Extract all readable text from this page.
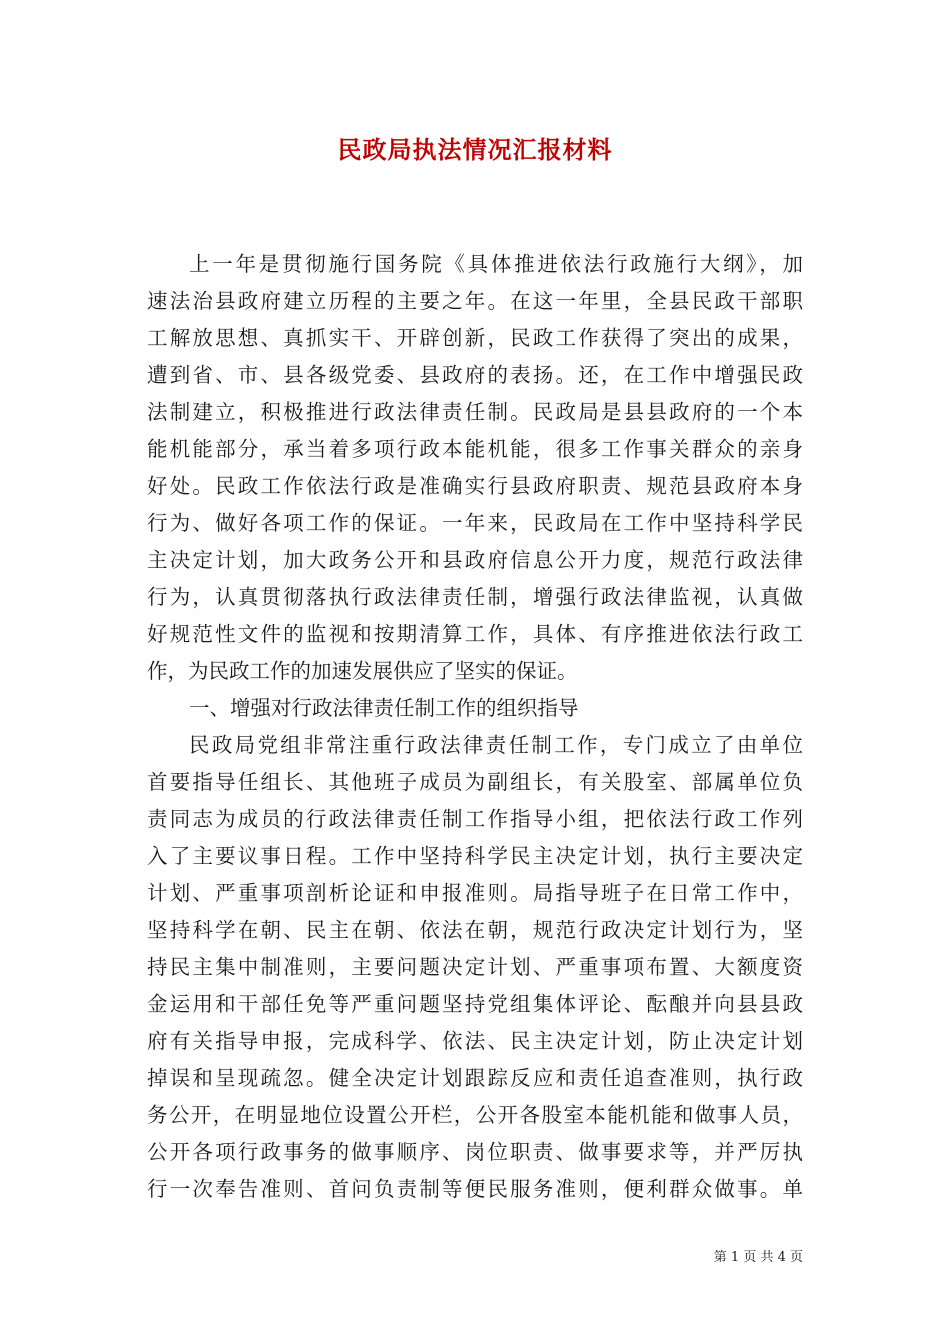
民政局执法情况汇报材料
上一年是贯彻施行国务院《具体推进依法行政施行大纲》，加
速法治县政府建立历程的主要之年。在这一年里，全县民政干部职
工解放思想、真抓实干、开辟创新，民政工作获得了突出的成果，
遭到省、市、县各级党委、县政府的表扬。还，在工作中增强民政
法制建立，积极推进行政法律责任制。民政局是县县政府的一个本
能机能部分，承当着多项行政本能机能，很多工作事关群众的亲身
好处。民政工作依法行政是准确实行县政府职责、规范县政府本身
行为、做好各项工作的保证。一年来，民政局在工作中坚持科学民
主决定计划，加大政务公开和县政府信息公开力度，规范行政法律
行为，认真贯彻落执行政法律责任制，增强行政法律监视，认真做
好规范性文件的监视和按期清算工作，具体、有序推进依法行政工
作，为民政工作的加速发展供应了坚实的保证。
一、增强对行政法律责任制工作的组织指导
民政局党组非常注重行政法律责任制工作，专门成立了由单位
首要指导任组长、其他班子成员为副组长，有关股室、部属单位负
责同志为成员的行政法律责任制工作指导小组，把依法行政工作列
入了主要议事日程。工作中坚持科学民主决定计划，执行主要决定
计划、严重事项剖析论证和申报准则。局指导班子在日常工作中，
坚持科学在朝、民主在朝、依法在朝，规范行政决定计划行为，坚
持民主集中制准则，主要问题决定计划、严重事项布置、大额度资
金运用和干部任免等严重问题坚持党组集体评论、酝酿并向县县政
府有关指导申报，完成科学、依法、民主决定计划，防止决定计划
掉误和呈现疏忽。健全决定计划跟踪反应和责任追查准则，执行政
务公开，在明显地位设置公开栏，公开各股室本能机能和做事人员，
公开各项行政事务的做事顺序、岗位职责、做事要求等，并严厉执
行一次奉告准则、首问负责制等便民服务准则，便利群众做事。单
第 1 页 共 4 页
